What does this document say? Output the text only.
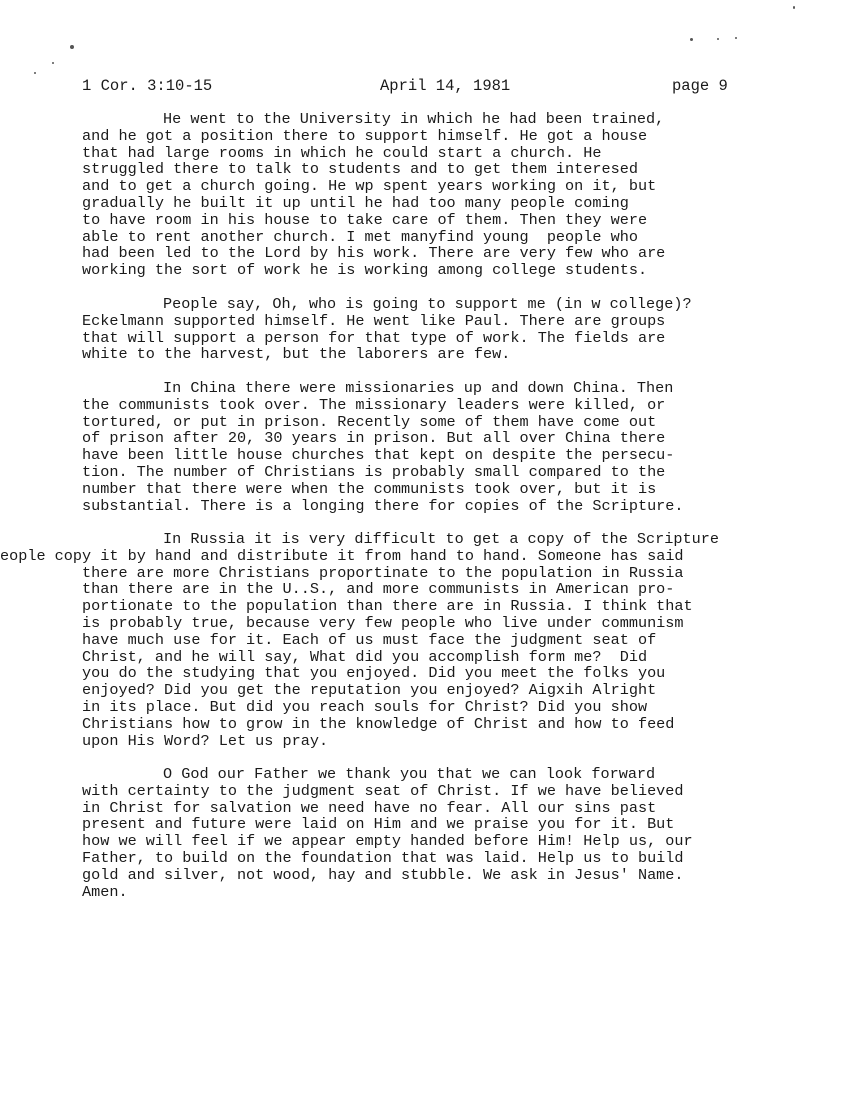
1 Cor. 3:10-15	April 14, 1981	page 9
He went to the University in which he had been trained,
and he got a position there to support himself. He got a house
that had large rooms in which he could start a church. He
struggled there to talk to students and to get them interesed
and to get a church going. He wp spent years working on it, but
gradually he built it up until he had too many people coming
to have room in his house to take care of them. Then they were
able to rent another church. I met manyfind young  people who
had been led to the Lord by his work. There are very few who are
working the sort of work he is working among college students.
People say, Oh, who is going to support me (in w college)?
Eckelmann supported himself. He went like Paul. There are groups
that will support a person for that type of work. The fields are
white to the harvest, but the laborers are few.
In China there were missionaries up and down China. Then
the communists took over. The missionary leaders were killed, or
tortured, or put in prison. Recently some of them have come out
of prison after 20, 30 years in prison. But all over China there
have been little house churches that kept on despite the persecu-
tion. The number of Christians is probably small compared to the
number that there were when the communists took over, but it is
substantial. There is a longing there for copies of the Scripture.
In Russia it is very difficult to get a copy of the Scripture
eople copy it by hand and distribute it from hand to hand. Someone has said
there are more Christians proportinate to the population in Russia
than there are in the U..S., and more communists in American pro-
portionate to the population than there are in Russia. I think that
is probably true, because very few people who live under communism
have much use for it. Each of us must face the judgment seat of
Christ, and he will say, What did you accomplish form me?  Did
you do the studying that you enjoyed. Did you meet the folks you
enjoyed? Did you get the reputation you enjoyed? Aigxih Alright
in its place. But did you reach souls for Christ? Did you show
Christians how to grow in the knowledge of Christ and how to feed
upon His Word? Let us pray.
O God our Father we thank you that we can look forward
with certainty to the judgment seat of Christ. If we have believed
in Christ for salvation we need have no fear. All our sins past
present and future were laid on Him and we praise you for it. But
how we will feel if we appear empty handed before Him! Help us, our
Father, to build on the foundation that was laid. Help us to build
gold and silver, not wood, hay and stubble. We ask in Jesus' Name.
Amen.
